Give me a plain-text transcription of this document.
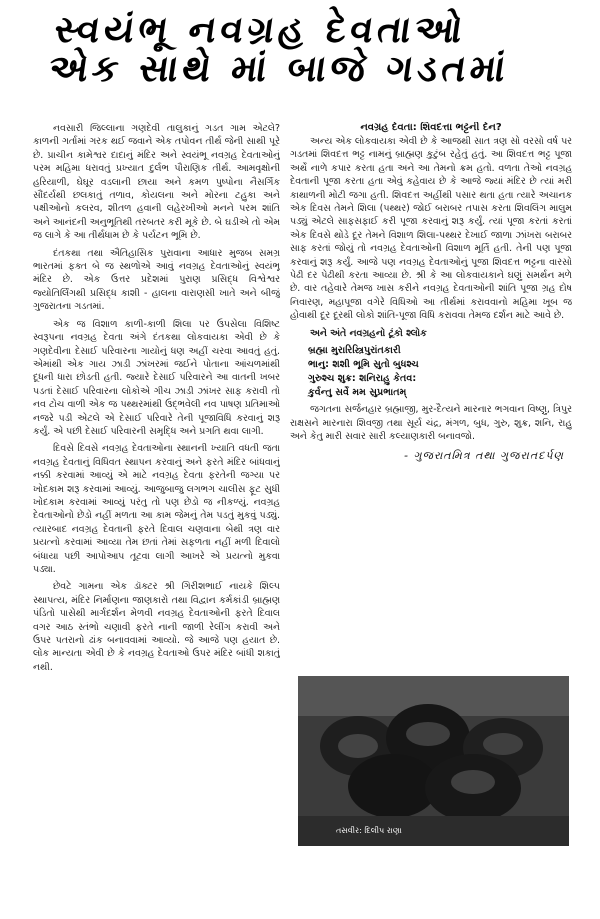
સ્વયંભૂ નવગ્રહ દેવતાઓ
એક સાથે માં બાજે ગડતમાં

નવસારી જિલ્લાના ગણદેવી તાલુકાનું ગડત ગામ એટલે? કાળની ગર્તામાં ગરક થઈ જવાને એક તપોવન તીર્થ જેની સાથી પૂરે છે. પ્રાચીન કામેશ્વર દાદાનું મંદિર અને સ્વયંભૂ નવગ્રહ દેવતાઓનું પરમ મહિમા ધરાવતું પ્રખ્યાત દુર્લભ પૌરાણિક તીર્થ. આમવૃક્ષોની હરિયાળી, ઘેઘૂર વડલાની છાયા અને કમળ પુષ્પોના નૈસર્ગિક સૌંદર્યથી છલકાતું તળાવ, કોયલના અને મોરના ટહુકા અને પક્ષીઓનો કલરવ, શીતળ હવાની લહેરખીઓ મનને પરમ શાંતિ અને આનંદની અનુભૂતિથી તરબતર કરી મૂકે છે. બે ઘડીએ તો એમ જ લાગે કે આ તીર્થધામ છે કે પર્યટન ભૂમિ છે.

દંતકથા તથા ઐતિહાસિક પુરાવાના આધાર મુજબ સમગ્ર ભારતમાં ફક્ત બે જ સ્થળોએ આવું નવગ્રહ દેવતાઓનું સ્વયંભૂ મંદિર છે. એક ઉત્તર પ્રદેશમાં પુરાણ પ્રસિદ્ધ વિશ્વેશ્વર જ્યોતિર્લિંગથી પ્રસિદ્ધ કાશી - હાલના વારાણસી ખાતે અને બીજું ગુજરાતના ગડતમાં.

એક જ વિશાળ કાળી-કાળી શિલા પર ઉપસેલા વિશિષ્ટ સ્વરૂપના નવગ્રહ દેવતા અંગે દંતકથા લોકવાયકા એવી છે કે ગણદેવીના દેસાઈ પરિવારના ગાયોનું ધણ અહીં ચરવા આવતું હતું. એમાંથી એક ગાય ઝાડી ઝાંખરમાં જઈને પોતાના આંચળમાંથી દૂધની ધારા છોડતી હતી. જ્યારે દેસાઈ પરિવારને આ વાતની ખબર પડતાં દેસાઈ પરિવારના લોકોએ ગીચ ઝાડી ઝાંખર સાફ કરાવી તો નવ ટોચ વાળી એક જ પથ્થરમાંથી ઉદ્ભવેલી નવ પાષણ પ્રતિમાઓ નજરે પડી એટલે એ દેસાઈ પરિવારે તેની પૂજાવિધિ કરવાનું શરૂ કર્યું. એ પછી દેસાઈ પરિવારની સમૃદ્ધિ અને પ્રગતિ થવા લાગી.

દિવસે દિવસે નવગ્રહ દેવતાઓના સ્થાનની ખ્યાતિ વધતી જતા નવગ્રહ દેવતાનું વિધિવત સ્થાપન કરવાનું અને ફરતે મંદિર બાંધવાનું નક્કી કરવામાં આવ્યું એ માટે નવગ્રહ દેવતા ફરતેની જગ્યા પર ખોદકામ શરૂ કરવામાં આવ્યું. આજુબાજુ લગભગ ચાલીસ ફૂટ સુધી ખોદકામ કરવામાં આવ્યું પરંતુ તો પણ છેડો જ નીકળ્યું. નવગ્રહ દેવતાઓનો છેડો નહીં મળતા આ કામ જેમનું તેમ પડતું મુકવું પડ્યું. ત્યારબાદ નવગ્રહ દેવતાની ફરતે દિવાલ ચણવાના બેથી ત્રણ વાર પ્રયત્નો કરવામાં આવ્યા તેમ છતાં તેમાં સફળતા નહીં મળી દિવાલો બંધાયા પછી આપોઆપ તૂટવા લાગી આખરે એ પ્રયત્નો મુકવા પડ્યા.

છેવટે ગામના એક ડૉક્ટર શ્રી ગિરીશભાઈ નાયકે શિલ્પ સ્થાપત્ય, મંદિર નિર્માણના જાણકારો તથા વિદ્વાન કર્મકાંડી બ્રાહ્મણ પંડિતો પાસેથી માર્ગદર્શન મેળવી નવગ્રહ દેવતાઓની ફરતે દિવાલ વગર આઠ સ્તંભો ચણાવી ફરતે નાની જાળી રેલીંગ કરાવી અને ઉપર પતરાનો ઢાંક બનાવવામાં આવ્યો. જે આજે પણ હયાત છે. લોક માન્યતા એવી છે કે નવગ્રહ દેવતાઓ ઉપર મંદિર બાંધી શકાતું નથી.

નવગ્રહ દેવતા: શિવદત્તા ભટ્ટની દેન?

અન્ય એક લોકવાયકા એવી છે કે આજથી સાત ત્રણ સો વરસો વર્ષ પર ગડતમાં શિવદત્ત ભટ્ટ નામનું બ્રાહ્મણ કુટુંબ રહેતું હતું. આ શિવદત્ત ભટ્ટ પૂજા અર્થે નાળે કપાર કરતા હતા અને આ તેમનો ક્રમ હતો. વળતા તેઓ નવગ્રહ દેવતાની પૂજા કરતા હતા એવું કહેવાય છે કે આજે જ્યાં મંદિર છે ત્યાં મરી કાથાળની મોટી જગા હતી. શિવદત્ત અહીંથી પસાર થતા હતા ત્યારે અચાનક એક દિવસ તેમને શિલા (પથ્થર) જોઈ બરાબર તપાસ કરતા શિવલિંગ માલુમ પડ્યું એટલે સાફસફાઈ કરી પૂજા કરવાનું શરૂ કર્યું. ત્યાં પૂજા કરતાં કરતાં એક દિવસે થોડે દૂર તેમને વિશાળ શિલા-પથ્થર દેખાઈ જાળા ઝાંખરા બરાબર સાફ કરતાં જોયું તો નવગ્રહ દેવતાઓની વિશાળ મૂર્તિ હતી. તેની પણ પૂજા કરવાનું શરૂ કર્યું. આજે પણ નવગ્રહ દેવતાઓનું પૂજા શિવદત્ત ભટ્ટના વારસો પેઢી દર પેઢીથી કરતા આવ્યા છે. શ્રી કે આ લોકવાયકાને ઘણું સમર્થન મળે છે. વાર તહેવારે તેમજ ખાસ કરીને નવગ્રહ દેવતાઓની શાંતિ પૂજા ગ્રહ દોષ નિવારણ, મહાપૂજા વગેરે વિધિઓ આ તીર્થમાં કરાવવાનો મહિમા ખૂબ જ હોવાથી દૂર દૂરથી લોકો શાંતિ-પૂજા વિધિ કરાવવા તેમજ દર્શન માટે આવે છે.

અને અંતે નવગ્રહનો ટૂંકો શ્લોક

બ્રહ્મા મુરારિસ્ત્રિપુરાંતકારી
ભાનુ: શશી ભૂમિ સુતો બુધશ્ચ
ગુરુશ્ચ શુક્ર: શનિરાહુ કેતવ:
કુર્વન્તુ સર્વે મમ સુપ્રભાતમ્

જગતના સર્જનહાર બ્રહ્માજી, મુર-દૈત્યને મારનાર ભગવાન વિષ્ણુ, ત્રિપુર રાક્ષસને મારનારા શિવજી તથા સૂર્ય ચંદ્ર, મંગળ, બુધ, ગુરુ, શુક્ર, શનિ, રાહુ અને કેતુ મારી સવાર સારી કલ્યાણકારી બનાવજો.

- ગુજરાતમિત્ર તથા ગુજરાતદર્પણ

તસવીર: દિલીપ રાણા
